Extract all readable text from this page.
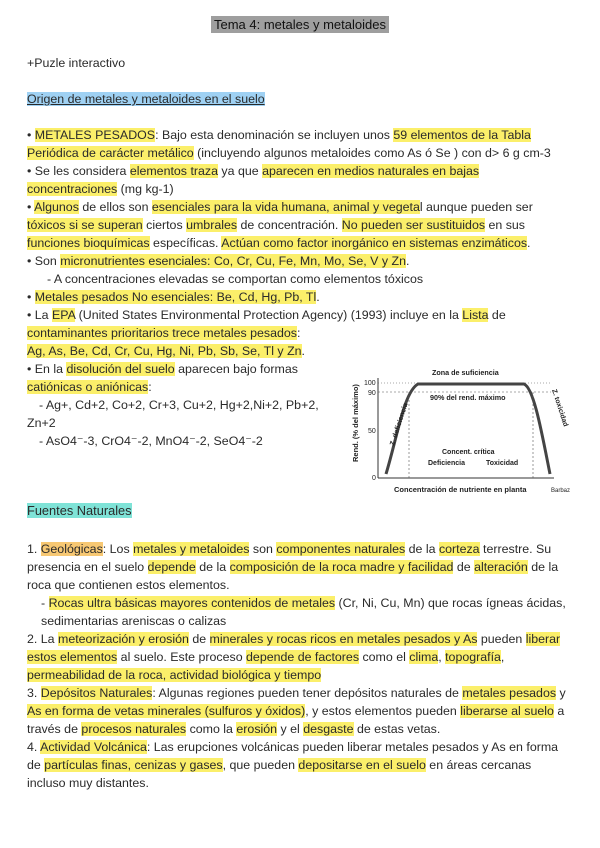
Tema 4: metales y metaloides
+Puzle interactivo
Origen de metales y metaloides en el suelo
• METALES PESADOS: Bajo esta denominación se incluyen unos 59 elementos de la Tabla Periódica de carácter metálico (incluyendo algunos metaloides como As ó Se ) con d> 6 g cm-3
• Se les considera elementos traza ya que aparecen en medios naturales en bajas concentraciones (mg kg-1)
• Algunos de ellos son esenciales para la vida humana, animal y vegetal aunque pueden ser tóxicos si se superan ciertos umbrales de concentración. No pueden ser sustituidos en sus funciones bioquímicas específicas. Actúan como factor inorgánico en sistemas enzimáticos.
• Son micronutrientes esenciales: Co, Cr, Cu, Fe, Mn, Mo, Se, V y Zn.
- A concentraciones elevadas se comportan como elementos tóxicos
• Metales pesados No esenciales: Be, Cd, Hg, Pb, Tl.
• La EPA (United States Environmental Protection Agency) (1993) incluye en la Lista de
contaminantes prioritarios trece metales pesados:
Ag, As, Be, Cd, Cr, Cu, Hg, Ni, Pb, Sb, Se, Tl y Zn.
• En la disolución del suelo aparecen bajo formas catiónicas o aniónicas:
- Ag+, Cd+2, Co+2, Cr+3, Cu+2, Hg+2,Ni+2, Pb+2, Zn+2
- AsO4⁻-3, CrO4⁻-2, MnO4⁻-2, SeO4⁻-2	Rend. (% del máximo)
100
90
50
0
Zona de suficiencia
90% del rend. máximo
Z. deficiencia	Z. toxicidad
Concent. crítica
Deficiencia	Toxicidad
Concentración de nutriente en planta	Barbaz
Fuentes Naturales
1. Geológicas: Los metales y metaloides son componentes naturales de la corteza terrestre. Su presencia en el suelo depende de la composición de la roca madre y facilidad de alteración de la roca que contienen estos elementos.
- Rocas ultra básicas mayores contenidos de metales (Cr, Ni, Cu, Mn) que rocas ígneas ácidas, sedimentarias areniscas o calizas
2. La meteorización y erosión de minerales y rocas ricos en metales pesados y As pueden liberar estos elementos al suelo. Este proceso depende de factores como el clima, topografía, permeabilidad de la roca, actividad biológica y tiempo
3. Depósitos Naturales: Algunas regiones pueden tener depósitos naturales de metales pesados y As en forma de vetas minerales (sulfuros y óxidos), y estos elementos pueden liberarse al suelo a través de procesos naturales como la erosión y el desgaste de estas vetas.
4. Actividad Volcánica: Las erupciones volcánicas pueden liberar metales pesados y As en forma de partículas finas, cenizas y gases, que pueden depositarse en el suelo en áreas cercanas incluso muy distantes.
